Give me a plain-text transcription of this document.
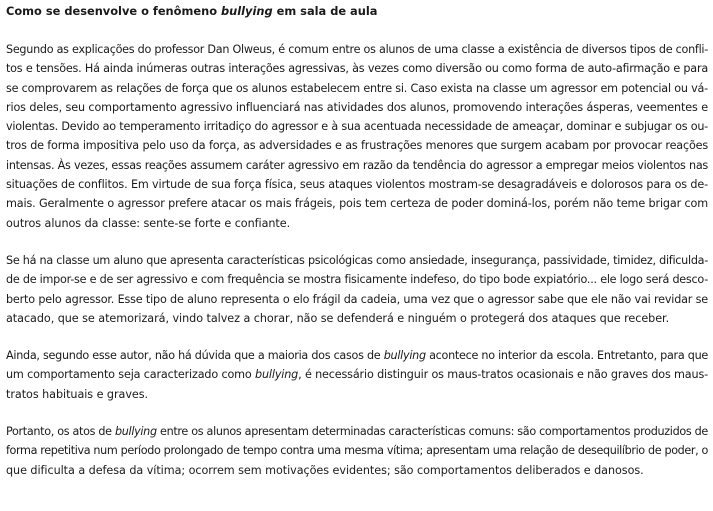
Como se desenvolve o fenômeno bullying em sala de aula

Segundo as explicações do professor Dan Olweus, é comum entre os alunos de uma classe a existência de diversos tipos de confli-
tos e tensões. Há ainda inúmeras outras interações agressivas, às vezes como diversão ou como forma de auto-afirmação e para
se comprovarem as relações de força que os alunos estabelecem entre si. Caso exista na classe um agressor em potencial ou vá-
rios deles, seu comportamento agressivo influenciará nas atividades dos alunos, promovendo interações ásperas, veementes e
violentas. Devido ao temperamento irritadiço do agressor e à sua acentuada necessidade de ameaçar, dominar e subjugar os ou-
tros de forma impositiva pelo uso da força, as adversidades e as frustrações menores que surgem acabam por provocar reações
intensas. Às vezes, essas reações assumem caráter agressivo em razão da tendência do agressor a empregar meios violentos nas
situações de conflitos. Em virtude de sua força física, seus ataques violentos mostram-se desagradáveis e dolorosos para os de-
mais. Geralmente o agressor prefere atacar os mais frágeis, pois tem certeza de poder dominá-los, porém não teme brigar com
outros alunos da classe: sente-se forte e confiante.

Se há na classe um aluno que apresenta características psicológicas como ansiedade, insegurança, passividade, timidez, dificulda-
de de impor-se e de ser agressivo e com frequência se mostra fisicamente indefeso, do tipo bode expiatório... ele logo será desco-
berto pelo agressor. Esse tipo de aluno representa o elo frágil da cadeia, uma vez que o agressor sabe que ele não vai revidar se
atacado, que se atemorizará, vindo talvez a chorar, não se defenderá e ninguém o protegerá dos ataques que receber.

Ainda, segundo esse autor, não há dúvida que a maioria dos casos de bullying acontece no interior da escola. Entretanto, para que
um comportamento seja caracterizado como bullying, é necessário distinguir os maus-tratos ocasionais e não graves dos maus-
tratos habituais e graves.

Portanto, os atos de bullying entre os alunos apresentam determinadas características comuns: são comportamentos produzidos de
forma repetitiva num período prolongado de tempo contra uma mesma vítima; apresentam uma relação de desequilíbrio de poder, o
que dificulta a defesa da vítima; ocorrem sem motivações evidentes; são comportamentos deliberados e danosos.
